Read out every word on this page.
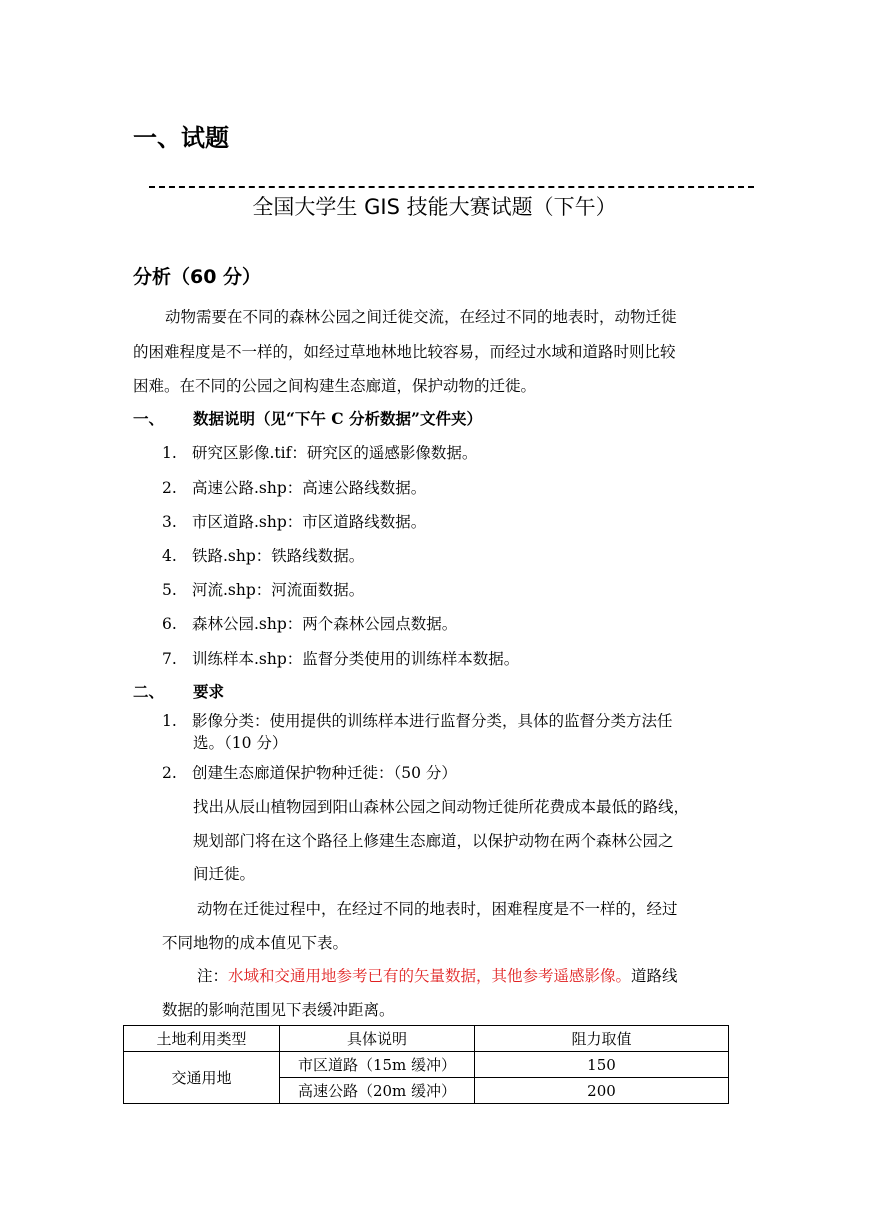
一、试题
全国大学生 GIS 技能大赛试题（下午）
分析（60 分）
动物需要在不同的森林公园之间迁徙交流，在经过不同的地表时，动物迁徙
的困难程度是不一样的，如经过草地林地比较容易，而经过水域和道路时则比较
困难。在不同的公园之间构建生态廊道，保护动物的迁徙。
一、 数据说明（见“下午 C 分析数据”文件夹）
1. 研究区影像.tif：研究区的遥感影像数据。
2. 高速公路.shp：高速公路线数据。
3. 市区道路.shp：市区道路线数据。
4. 铁路.shp：铁路线数据。
5. 河流.shp：河流面数据。
6. 森林公园.shp：两个森林公园点数据。
7. 训练样本.shp：监督分类使用的训练样本数据。
二、 要求
1. 影像分类：使用提供的训练样本进行监督分类，具体的监督分类方法任
选。（10 分）
2. 创建生态廊道保护物种迁徙：（50 分）
找出从辰山植物园到阳山森林公园之间动物迁徙所花费成本最低的路线，
规划部门将在这个路径上修建生态廊道，以保护动物在两个森林公园之
间迁徙。
动物在迁徙过程中，在经过不同的地表时，困难程度是不一样的，经过
不同地物的成本值见下表。
注：水域和交通用地参考已有的矢量数据，其他参考遥感影像。道路线
数据的影响范围见下表缓冲距离。
土地利用类型	具体说明	阻力取值
交通用地	市区道路（15m 缓冲）	150
	高速公路（20m 缓冲）	200
